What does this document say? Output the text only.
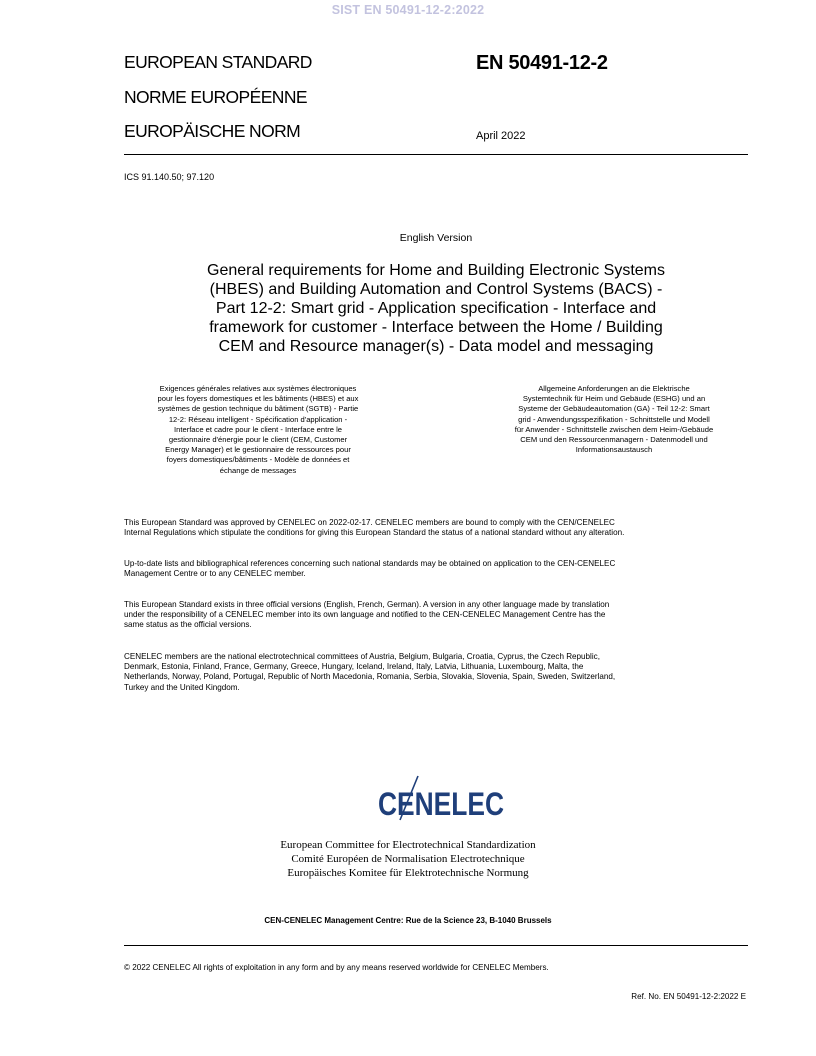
SIST EN 50491-12-2:2022
EUROPEAN STANDARD
NORME EUROPÉENNE
EUROPÄISCHE NORM
EN 50491-12-2
April 2022
ICS 91.140.50; 97.120
English Version
General requirements for Home and Building Electronic Systems
(HBES) and Building Automation and Control Systems (BACS) -
Part 12-2: Smart grid - Application specification - Interface and
framework for customer - Interface between the Home / Building
CEM and Resource manager(s) - Data model and messaging
Exigences générales relatives aux systèmes électroniques
pour les foyers domestiques et les bâtiments (HBES) et aux
systèmes de gestion technique du bâtiment (SGTB) - Partie
12-2: Réseau intelligent - Spécification d'application -
Interface et cadre pour le client - Interface entre le
gestionnaire d'énergie pour le client (CEM, Customer
Energy Manager) et le gestionnaire de ressources pour
foyers domestiques/bâtiments - Modèle de données et
échange de messages
Allgemeine Anforderungen an die Elektrische
Systemtechnik für Heim und Gebäude (ESHG) und an
Systeme der Gebäudeautomation (GA) - Teil 12-2: Smart
grid - Anwendungsspezifikation - Schnittstelle und Modell
für Anwender - Schnittstelle zwischen dem Heim-/Gebäude
CEM und den Ressourcenmanagern - Datenmodell und
Informationsaustausch
This European Standard was approved by CENELEC on 2022-02-17. CENELEC members are bound to comply with the CEN/CENELEC
Internal Regulations which stipulate the conditions for giving this European Standard the status of a national standard without any alteration.
Up-to-date lists and bibliographical references concerning such national standards may be obtained on application to the CEN-CENELEC
Management Centre or to any CENELEC member.
This European Standard exists in three official versions (English, French, German). A version in any other language made by translation
under the responsibility of a CENELEC member into its own language and notified to the CEN-CENELEC Management Centre has the
same status as the official versions.
CENELEC members are the national electrotechnical committees of Austria, Belgium, Bulgaria, Croatia, Cyprus, the Czech Republic,
Denmark, Estonia, Finland, France, Germany, Greece, Hungary, Iceland, Ireland, Italy, Latvia, Lithuania, Luxembourg, Malta, the
Netherlands, Norway, Poland, Portugal, Republic of North Macedonia, Romania, Serbia, Slovakia, Slovenia, Spain, Sweden, Switzerland,
Turkey and the United Kingdom.
CENELEC
European Committee for Electrotechnical Standardization
Comité Européen de Normalisation Electrotechnique
Europäisches Komitee für Elektrotechnische Normung
CEN-CENELEC Management Centre: Rue de la Science 23, B-1040 Brussels
© 2022 CENELEC All rights of exploitation in any form and by any means reserved worldwide for CENELEC Members.
Ref. No. EN 50491-12-2:2022 E
